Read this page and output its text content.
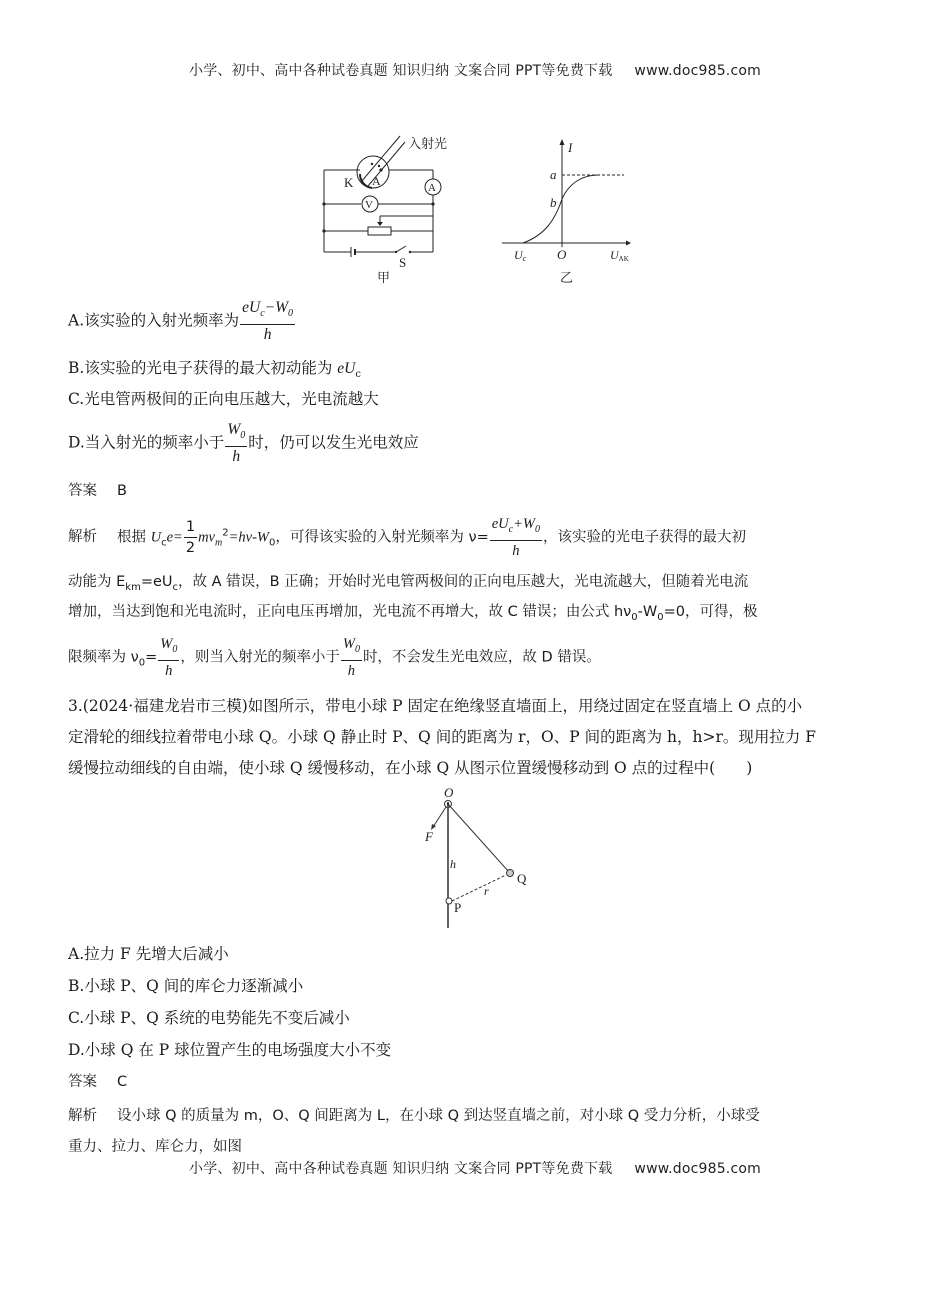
小学、初中、高中各种试卷真题 知识归纳 文案合同 PPT等免费下载 www.doc985.com
入射光
K A	A
V
S
甲
I
a
b
O
Uc	UAK
乙
A.该实验的入射光频率为 $\frac{eU_c-W_0}{h}$
B.该实验的光电子获得的最大初动能为 $eU_c$
C.光电管两极间的正向电压越大，光电流越大
D.当入射光的频率小于 $\frac{W_0}{h}$ 时，仍可以发生光电效应
答案 B
解析 根据 $U_ce= \frac{1}{2} mv_m^2=h\nu-W_0$，可得该实验的入射光频率为 $\nu= \frac{eU_c+W_0}{h}$ ，该实验的光电子获得的最大初
动能为 $E_{km}=eU_c$，故 A 错误，B 正确；开始时光电管两极间的正向电压越大，光电流越大，但随着光电流
增加，当达到饱和光电流时，正向电压再增加，光电流不再增大，故 C 错误；由公式 $h\nu_0-W_0=0$，可得，极
限频率为 $\nu_0= \frac{W_0}{h}$ ，则当入射光的频率小于 $\frac{W_0}{h}$ 时，不会发生光电效应，故 D 错误。
3.(2024·福建龙岩市三模)如图所示，带电小球 P 固定在绝缘竖直墙面上，用绕过固定在竖直墙上 O 点的小
定滑轮的细线拉着带电小球 Q。小球 Q 静止时 P、Q 间的距离为 r，O、P 间的距离为 h，h>r。现用拉力 F
缓慢拉动细线的自由端，使小球 Q 缓慢移动，在小球 Q 从图示位置缓慢移动到 O 点的过程中(　　)
O
F
h
r
P
Q
A.拉力 F 先增大后减小
B.小球 P、Q 间的库仑力逐渐减小
C.小球 P、Q 系统的电势能先不变后减小
D.小球 Q 在 P 球位置产生的电场强度大小不变
答案 C
解析 设小球 Q 的质量为 m，O、Q 间距离为 L，在小球 Q 到达竖直墙之前，对小球 Q 受力分析，小球受
重力、拉力、库仑力，如图
小学、初中、高中各种试卷真题 知识归纳 文案合同 PPT等免费下载 www.doc985.com
